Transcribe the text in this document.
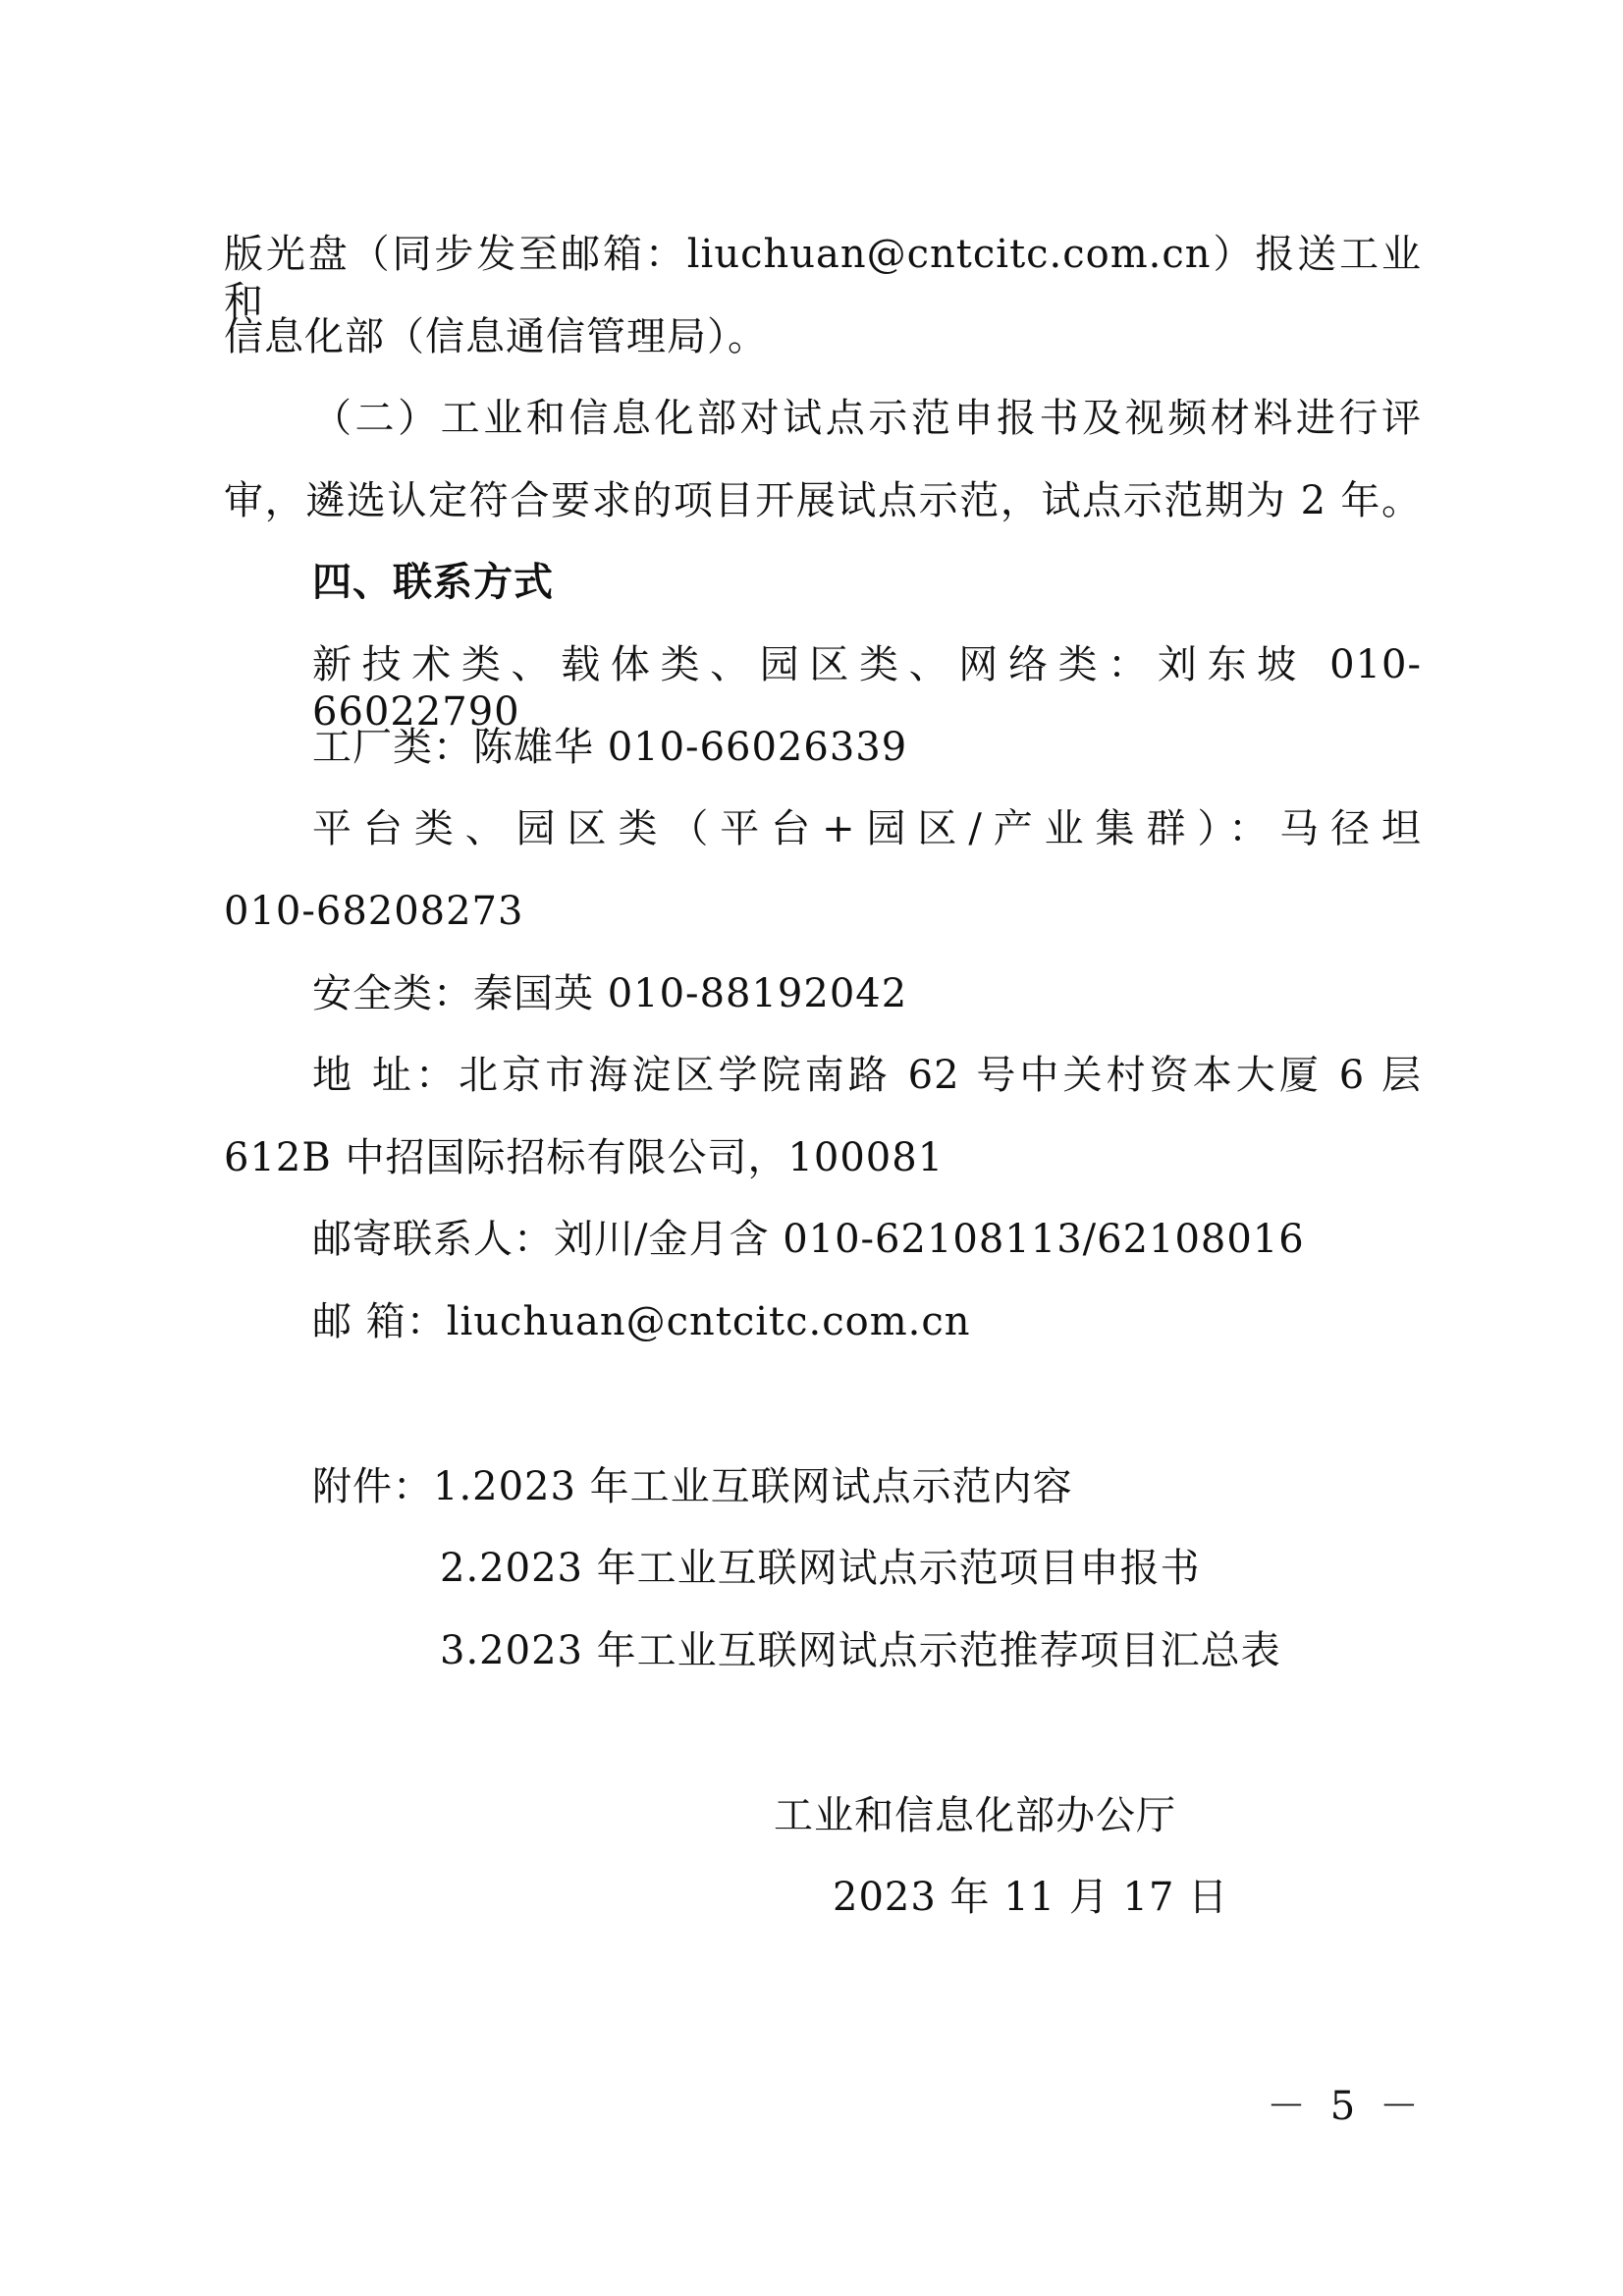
版光盘（同步发至邮箱：liuchuan@cntcitc.com.cn）报送工业和
信息化部（信息通信管理局）。
（二）工业和信息化部对试点示范申报书及视频材料进行评
审，遴选认定符合要求的项目开展试点示范，试点示范期为 2 年。
四、联系方式
新技术类、载体类、园区类、网络类：刘东坡 010-66022790
工厂类：陈雄华 010-66026339
平台类、园区类（平台+园区/产业集群）：马径坦
010-68208273
安全类：秦国英 010-88192042
地 址：北京市海淀区学院南路 62 号中关村资本大厦 6 层
612B 中招国际招标有限公司，100081
邮寄联系人：刘川/金月含 010-62108113/62108016
邮 箱：liuchuan@cntcitc.com.cn
附件：1.2023 年工业互联网试点示范内容
2.2023 年工业互联网试点示范项目申报书
3.2023 年工业互联网试点示范推荐项目汇总表
工业和信息化部办公厅
2023 年 11 月 17 日
－ 5 －
